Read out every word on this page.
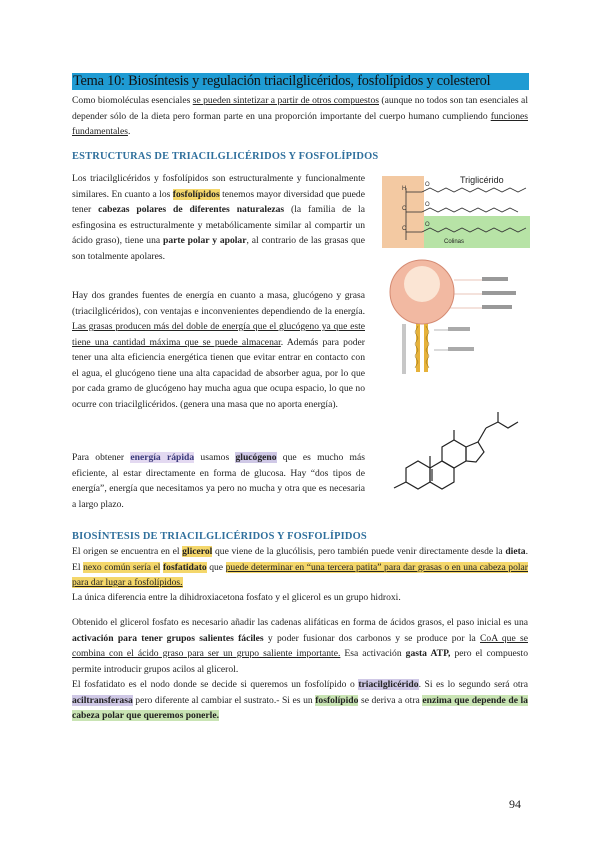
Tema 10: Biosíntesis y regulación triacilglicéridos, fosfolípidos y colesterol
Como biomoléculas esenciales se pueden sintetizar a partir de otros compuestos (aunque no todos son tan esenciales al depender sólo de la dieta pero forman parte en una proporción importante del cuerpo humano cumpliendo funciones fundamentales.
ESTRUCTURAS DE TRIACILGLICÉRIDOS Y FOSFOLÍPIDOS
Los triacilglicéridos y fosfolípidos son estructuralmente y funcionalmente similares. En cuanto a los fosfolípidos tenemos mayor diversidad que puede tener cabezas polares de diferentes naturalezas (la familia de la esfingosina es estructuralmente y metabólicamente similar al compartir un ácido graso), tiene una parte polar y apolar, al contrario de las grasas que son totalmente apolares.
Hay dos grandes fuentes de energía en cuanto a masa, glucógeno y grasa (triacilglicéridos), con ventajas e inconvenientes dependiendo de la energía. Las grasas producen más del doble de energía que el glucógeno ya que este tiene una cantidad máxima que se puede almacenar. Además para poder tener una alta eficiencia energética tienen que evitar entrar en contacto con el agua, el glucógeno tiene una alta capacidad de absorber agua, por lo que por cada gramo de glucógeno hay mucha agua que ocupa espacio, lo que no ocurre con triacilglicéridos. (genera una masa que no aporta energía).
Para obtener energía rápida usamos glucógeno que es mucho más eficiente, al estar directamente en forma de glucosa. Hay “dos tipos de energía”, energía que necesitamos ya pero no mucha y otra que es necesaria a largo plazo.
Triglicérido
Colinas
H
C
C
O
O
O
BIOSÍNTESIS DE TRIACILGLICÉRIDOS Y FOSFOLÍPIDOS
El origen se encuentra en el glicerol que viene de la glucólisis, pero también puede venir directamente desde la dieta. El nexo común sería el fosfatidato que puede determinar en “una tercera patita” para dar grasas o en una cabeza polar para dar lugar a fosfolípidos.
La única diferencia entre la dihidroxiacetona fosfato y el glicerol es un grupo hidroxi.
Obtenido el glicerol fosfato es necesario añadir las cadenas alifáticas en forma de ácidos grasos, el paso inicial es una activación para tener grupos salientes fáciles y poder fusionar dos carbonos y se produce por la CoA que se combina con el ácido graso para ser un grupo saliente importante. Esa activación gasta ATP, pero el compuesto permite introducir grupos acilos al glicerol.
El fosfatidato es el nodo donde se decide si queremos un fosfolípido o triacilglicérido. Si es lo segundo será otra aciltransferasa pero diferente al cambiar el sustrato.- Si es un fosfolípido se deriva a otra enzima que depende de la cabeza polar que queremos ponerle.
94
